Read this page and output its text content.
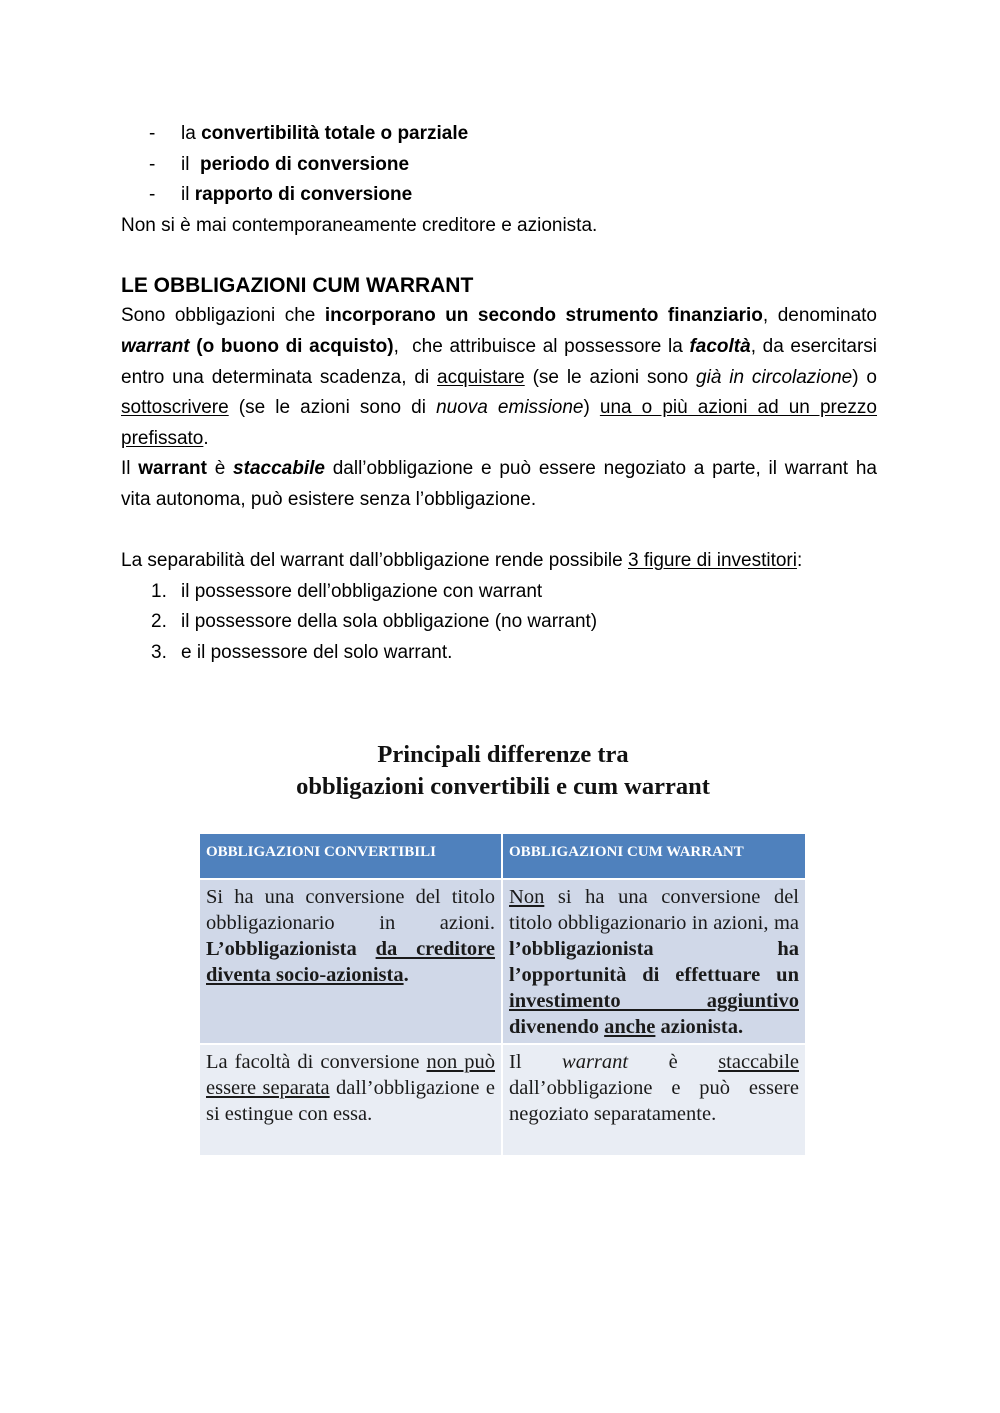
- la convertibilità totale o parziale
- il  periodo di conversione
- il rapporto di conversione

Non si è mai contemporaneamente creditore e azionista.

LE OBBLIGAZIONI CUM WARRANT

Sono obbligazioni che incorporano un secondo strumento finanziario, denominato warrant (o buono di acquisto),  che attribuisce al possessore la facoltà, da esercitarsi entro una determinata scadenza, di acquistare (se le azioni sono già in circolazione) o sottoscrivere (se le azioni sono di nuova emissione) una o più azioni ad un prezzo prefissato.

Il warrant è staccabile dall’obbligazione e può essere negoziato a parte, il warrant ha vita autonoma, può esistere senza l’obbligazione.

La separabilità del warrant dall’obbligazione rende possibile 3 figure di investitori:

1. il possessore dell’obbligazione con warrant
2. il possessore della sola obbligazione (no warrant)
3. e il possessore del solo warrant.
Principali differenze tra
obbligazioni convertibili e cum warrant
OBBLIGAZIONI CONVERTIBILI	OBBLIGAZIONI CUM WARRANT
Si ha una conversione del titolo obbligazionario in azioni. L’obbligazionista da creditore diventa socio-azionista.	Non si ha una conversione del titolo obbligazionario in azioni, ma l’obbligazionista ha l’opportunità di effettuare un investimento aggiuntivo divenendo anche azionista.
La facoltà di conversione non può essere separata dall’obbligazione e si estingue con essa.	Il warrant è staccabile dall’obbligazione e può essere negoziato separatamente.
